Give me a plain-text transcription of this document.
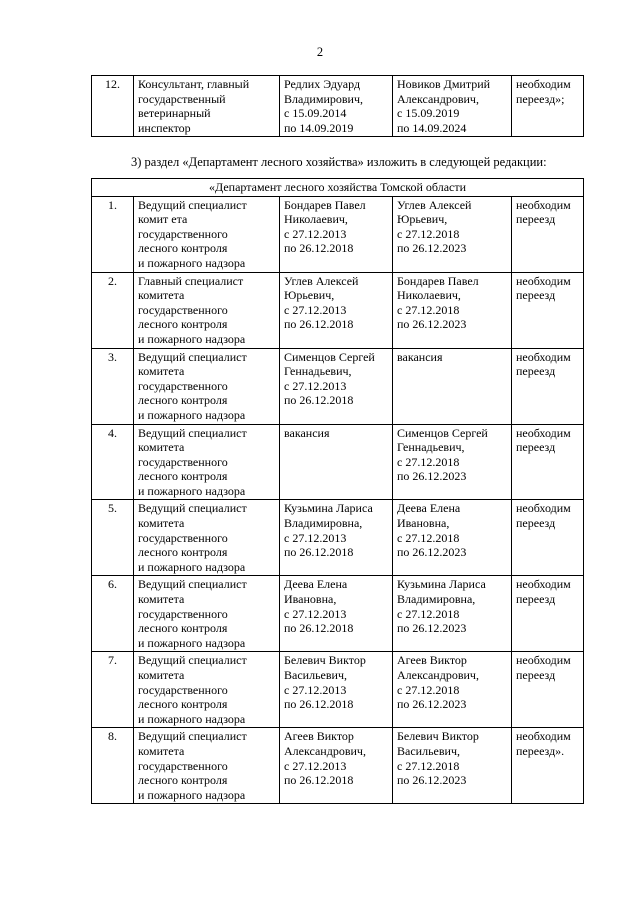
2
12.	Консультант, главный
государственный
ветеринарный
инспектор	Редлих Эдуард
Владимирович,
с 15.09.2014
по 14.09.2019	Новиков Дмитрий
Александрович,
с 15.09.2019
по 14.09.2024	необходим
переезд»;
3) раздел «Департамент лесного хозяйства» изложить в следующей редакции:
«Департамент лесного хозяйства Томской области				
1.	Ведущий специалист
комит ета
государственного
лесного контроля
и пожарного надзора	Бондарев Павел
Николаевич,
с 27.12.2013
по 26.12.2018	Углев Алексей
Юрьевич,
с 27.12.2018
по 26.12.2023	необходим
переезд
2.	Главный специалист
комитета
государственного
лесного контроля
и пожарного надзора	Углев Алексей
Юрьевич,
с 27.12.2013
по 26.12.2018	Бондарев Павел
Николаевич,
с 27.12.2018
по 26.12.2023	необходим
переезд
3.	Ведущий специалист
комитета
государственного
лесного контроля
и пожарного надзора	Сименцов Сергей
Геннадьевич,
с 27.12.2013
по 26.12.2018	вакансия	необходим
переезд
4.	Ведущий специалист
комитета
государственного
лесного контроля
и пожарного надзора	вакансия	Сименцов Сергей
Геннадьевич,
с 27.12.2018
по 26.12.2023	необходим
переезд
5.	Ведущий специалист
комитета
государственного
лесного контроля
и пожарного надзора	Кузьмина Лариса
Владимировна,
с 27.12.2013
по 26.12.2018	Деева Елена
Ивановна,
с 27.12.2018
по 26.12.2023	необходим
переезд
6.	Ведущий специалист
комитета
государственного
лесного контроля
и пожарного надзора	Деева Елена
Ивановна,
с 27.12.2013
по 26.12.2018	Кузьмина Лариса
Владимировна,
с 27.12.2018
по 26.12.2023	необходим
переезд
7.	Ведущий специалист
комитета
государственного
лесного контроля
и пожарного надзора	Белевич Виктор
Васильевич,
с 27.12.2013
по 26.12.2018	Агеев Виктор
Александрович,
с 27.12.2018
по 26.12.2023	необходим
переезд
8.	Ведущий специалист
комитета
государственного
лесного контроля
и пожарного надзора	Агеев Виктор
Александрович,
с 27.12.2013
по 26.12.2018	Белевич Виктор
Васильевич,
с 27.12.2018
по 26.12.2023	необходим
переезд».
